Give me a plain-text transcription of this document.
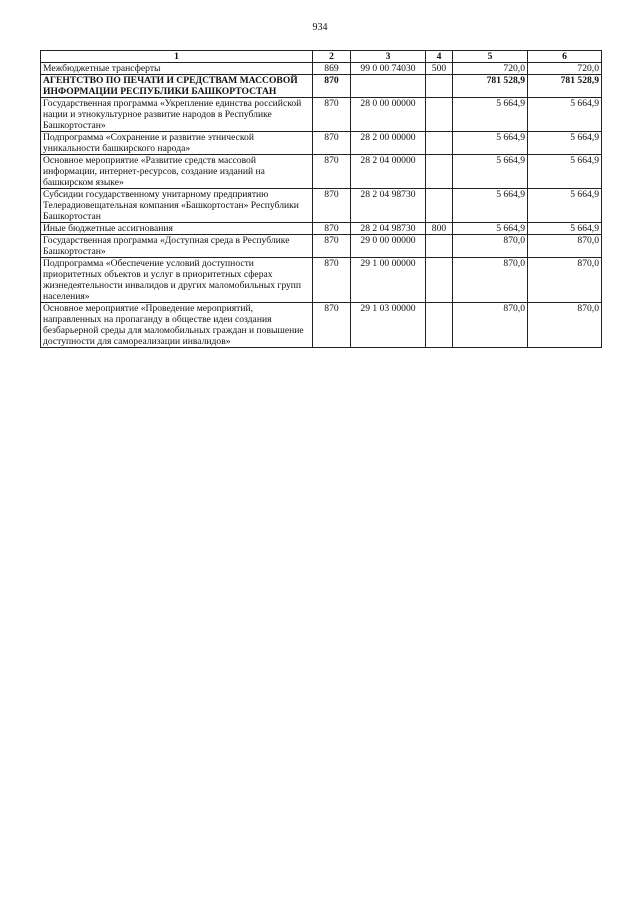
934
1	2	3	4	5	6
Межбюджетные трансферты	869	99 0 00 74030	500	720,0	720,0
АГЕНТСТВО ПО ПЕЧАТИ И СРЕДСТВАМ МАССОВОЙ ИНФОРМАЦИИ РЕСПУБЛИКИ БАШКОРТОСТАН	870			781 528,9	781 528,9
Государственная программа «Укрепление единства российской нации и этнокультурное развитие народов в Республике Башкортостан»	870	28 0 00 00000		5 664,9	5 664,9
Подпрограмма «Сохранение и развитие этнической уникальности башкирского народа»	870	28 2 00 00000		5 664,9	5 664,9
Основное мероприятие «Развитие средств массовой информации, интернет-ресурсов, создание изданий на башкирском языке»	870	28 2 04 00000		5 664,9	5 664,9
Субсидии государственному унитарному предприятию Телерадиовещательная компания «Башкортостан» Республики Башкортостан	870	28 2 04 98730		5 664,9	5 664,9
Иные бюджетные ассигнования	870	28 2 04 98730	800	5 664,9	5 664,9
Государственная программа «Доступная среда в Республике Башкортостан»	870	29 0 00 00000		870,0	870,0
Подпрограмма «Обеспечение условий доступности приоритетных объектов и услуг в приоритетных сферах жизнедеятельности инвалидов и других маломобильных групп населения»	870	29 1 00 00000		870,0	870,0
Основное мероприятие «Проведение мероприятий, направленных на пропаганду в обществе идеи создания безбарьерной среды для маломобильных граждан и повышение доступности для самореализации инвалидов»	870	29 1 03 00000		870,0	870,0
